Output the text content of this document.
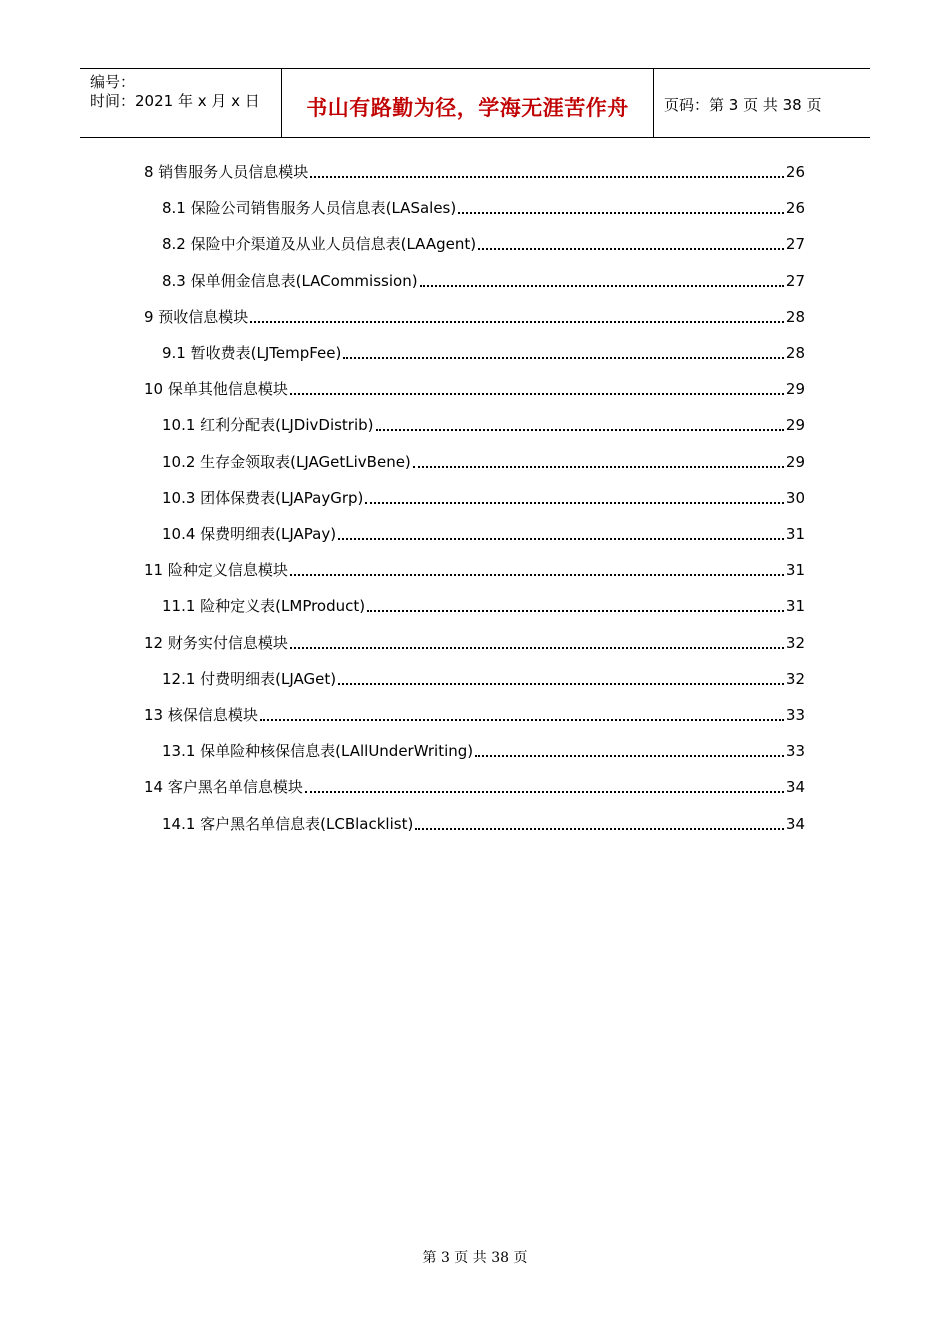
编号：
时间：2021 年 x 月 x 日	书山有路勤为径，学海无涯苦作舟	页码：第 3 页 共 38 页
8 销售服务人员信息模块	26
8.1 保险公司销售服务人员信息表(LASales)	26
8.2 保险中介渠道及从业人员信息表(LAAgent)	27
8.3 保单佣金信息表(LACommission)	27
9 预收信息模块	28
9.1 暂收费表(LJTempFee)	28
10 保单其他信息模块	29
10.1 红利分配表(LJDivDistrib)	29
10.2 生存金领取表(LJAGetLivBene)	29
10.3 团体保费表(LJAPayGrp)	30
10.4 保费明细表(LJAPay)	31
11 险种定义信息模块	31
11.1 险种定义表(LMProduct)	31
12 财务实付信息模块	32
12.1 付费明细表(LJAGet)	32
13 核保信息模块	33
13.1 保单险种核保信息表(LAllUnderWriting)	33
14 客户黑名单信息模块	34
14.1 客户黑名单信息表(LCBlacklist)	34
第 3 页 共 38 页
